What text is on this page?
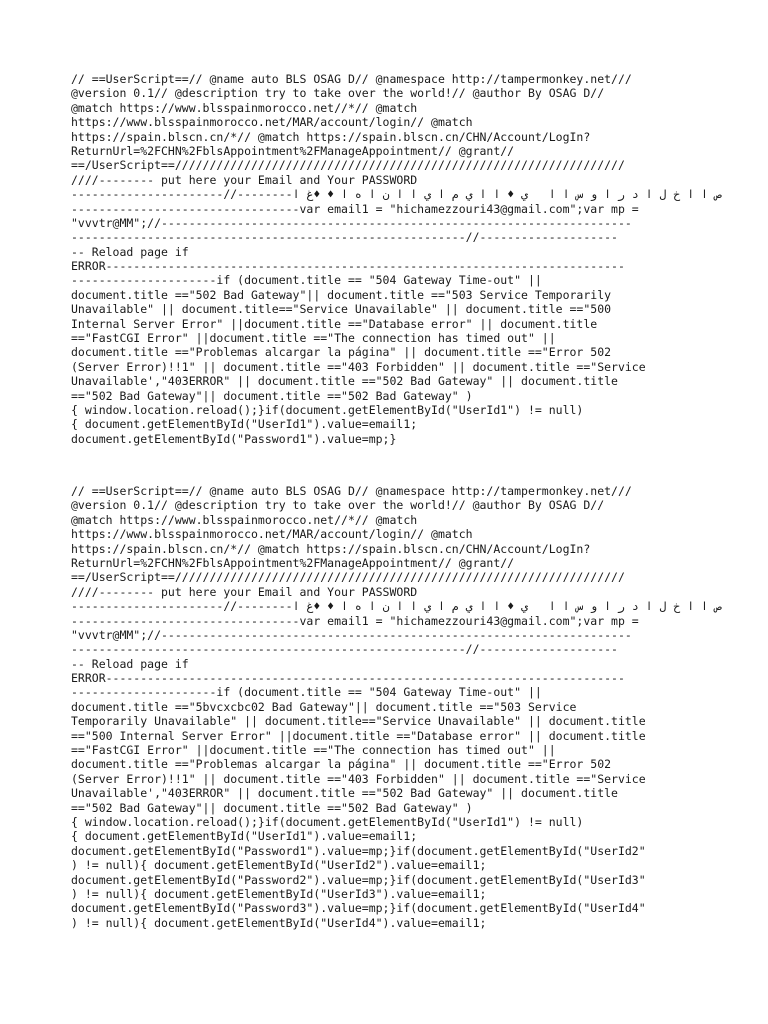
// ==UserScript==// @name auto BLS OSAG D// @namespace http://tampermonkey.net///
@version 0.1// @description try to take over the world!// @author By OSAG D//
@match https://www.blsspainmorocco.net//*// @match
https://www.blsspainmorocco.net/MAR/account/login// @match
https://spain.blscn.cn/*// @match https://spain.blscn.cn/CHN/Account/LogIn?
ReturnUrl=%2FCHN%2FblsAppointment%2FManageAppointment// @grant//
==/UserScript==/////////////////////////////////////////////////////////////////
////-------- put here your Email and Your PASSWORD
----------------------//--------ص ا ا خ ل ا د ر ا و س ا ا   ي ♦ ا ا ي م ا ي ا ا ن ا ه ا ♦ ♦غ ا
---------------------------------var email1 = "hichamezzouri43@gmail.com";var mp =
"vvvtr@MM";//--------------------------------------------------------------------
---------------------------------------------------------//--------------------
-- Reload page if
ERROR---------------------------------------------------------------------------
---------------------if (document.title == "504 Gateway Time-out" ||
document.title =="502 Bad Gateway"|| document.title =="503 Service Temporarily
Unavailable" || document.title=="Service Unavailable" || document.title =="500
Internal Server Error" ||document.title =="Database error" || document.title
=="FastCGI Error" ||document.title =="The connection has timed out" ||
document.title =="Problemas alcargar la página" || document.title =="Error 502
(Server Error)!!1" || document.title =="403 Forbidden" || document.title =="Service
Unavailable',"403ERROR" || document.title =="502 Bad Gateway" || document.title
=="502 Bad Gateway"|| document.title =="502 Bad Gateway" )
{ window.location.reload();}if(document.getElementById("UserId1") != null)
{ document.getElementById("UserId1").value=email1;
document.getElementById("Password1").value=mp;}
// ==UserScript==// @name auto BLS OSAG D// @namespace http://tampermonkey.net///
@version 0.1// @description try to take over the world!// @author By OSAG D//
@match https://www.blsspainmorocco.net//*// @match
https://www.blsspainmorocco.net/MAR/account/login// @match
https://spain.blscn.cn/*// @match https://spain.blscn.cn/CHN/Account/LogIn?
ReturnUrl=%2FCHN%2FblsAppointment%2FManageAppointment// @grant//
==/UserScript==/////////////////////////////////////////////////////////////////
////-------- put here your Email and Your PASSWORD
----------------------//--------ص ا ا خ ل ا د ر ا و س ا ا   ي ♦ ا ا ي م ا ي ا ا ن ا ه ا ♦ ♦غ ا
---------------------------------var email1 = "hichamezzouri43@gmail.com";var mp =
"vvvtr@MM";//--------------------------------------------------------------------
---------------------------------------------------------//--------------------
-- Reload page if
ERROR---------------------------------------------------------------------------
---------------------if (document.title == "504 Gateway Time-out" ||
document.title =="5bvcxcbc02 Bad Gateway"|| document.title =="503 Service
Temporarily Unavailable" || document.title=="Service Unavailable" || document.title
=="500 Internal Server Error" ||document.title =="Database error" || document.title
=="FastCGI Error" ||document.title =="The connection has timed out" ||
document.title =="Problemas alcargar la página" || document.title =="Error 502
(Server Error)!!1" || document.title =="403 Forbidden" || document.title =="Service
Unavailable',"403ERROR" || document.title =="502 Bad Gateway" || document.title
=="502 Bad Gateway"|| document.title =="502 Bad Gateway" )
{ window.location.reload();}if(document.getElementById("UserId1") != null)
{ document.getElementById("UserId1").value=email1;
document.getElementById("Password1").value=mp;}if(document.getElementById("UserId2"
) != null){ document.getElementById("UserId2").value=email1;
document.getElementById("Password2").value=mp;}if(document.getElementById("UserId3"
) != null){ document.getElementById("UserId3").value=email1;
document.getElementById("Password3").value=mp;}if(document.getElementById("UserId4"
) != null){ document.getElementById("UserId4").value=email1;
